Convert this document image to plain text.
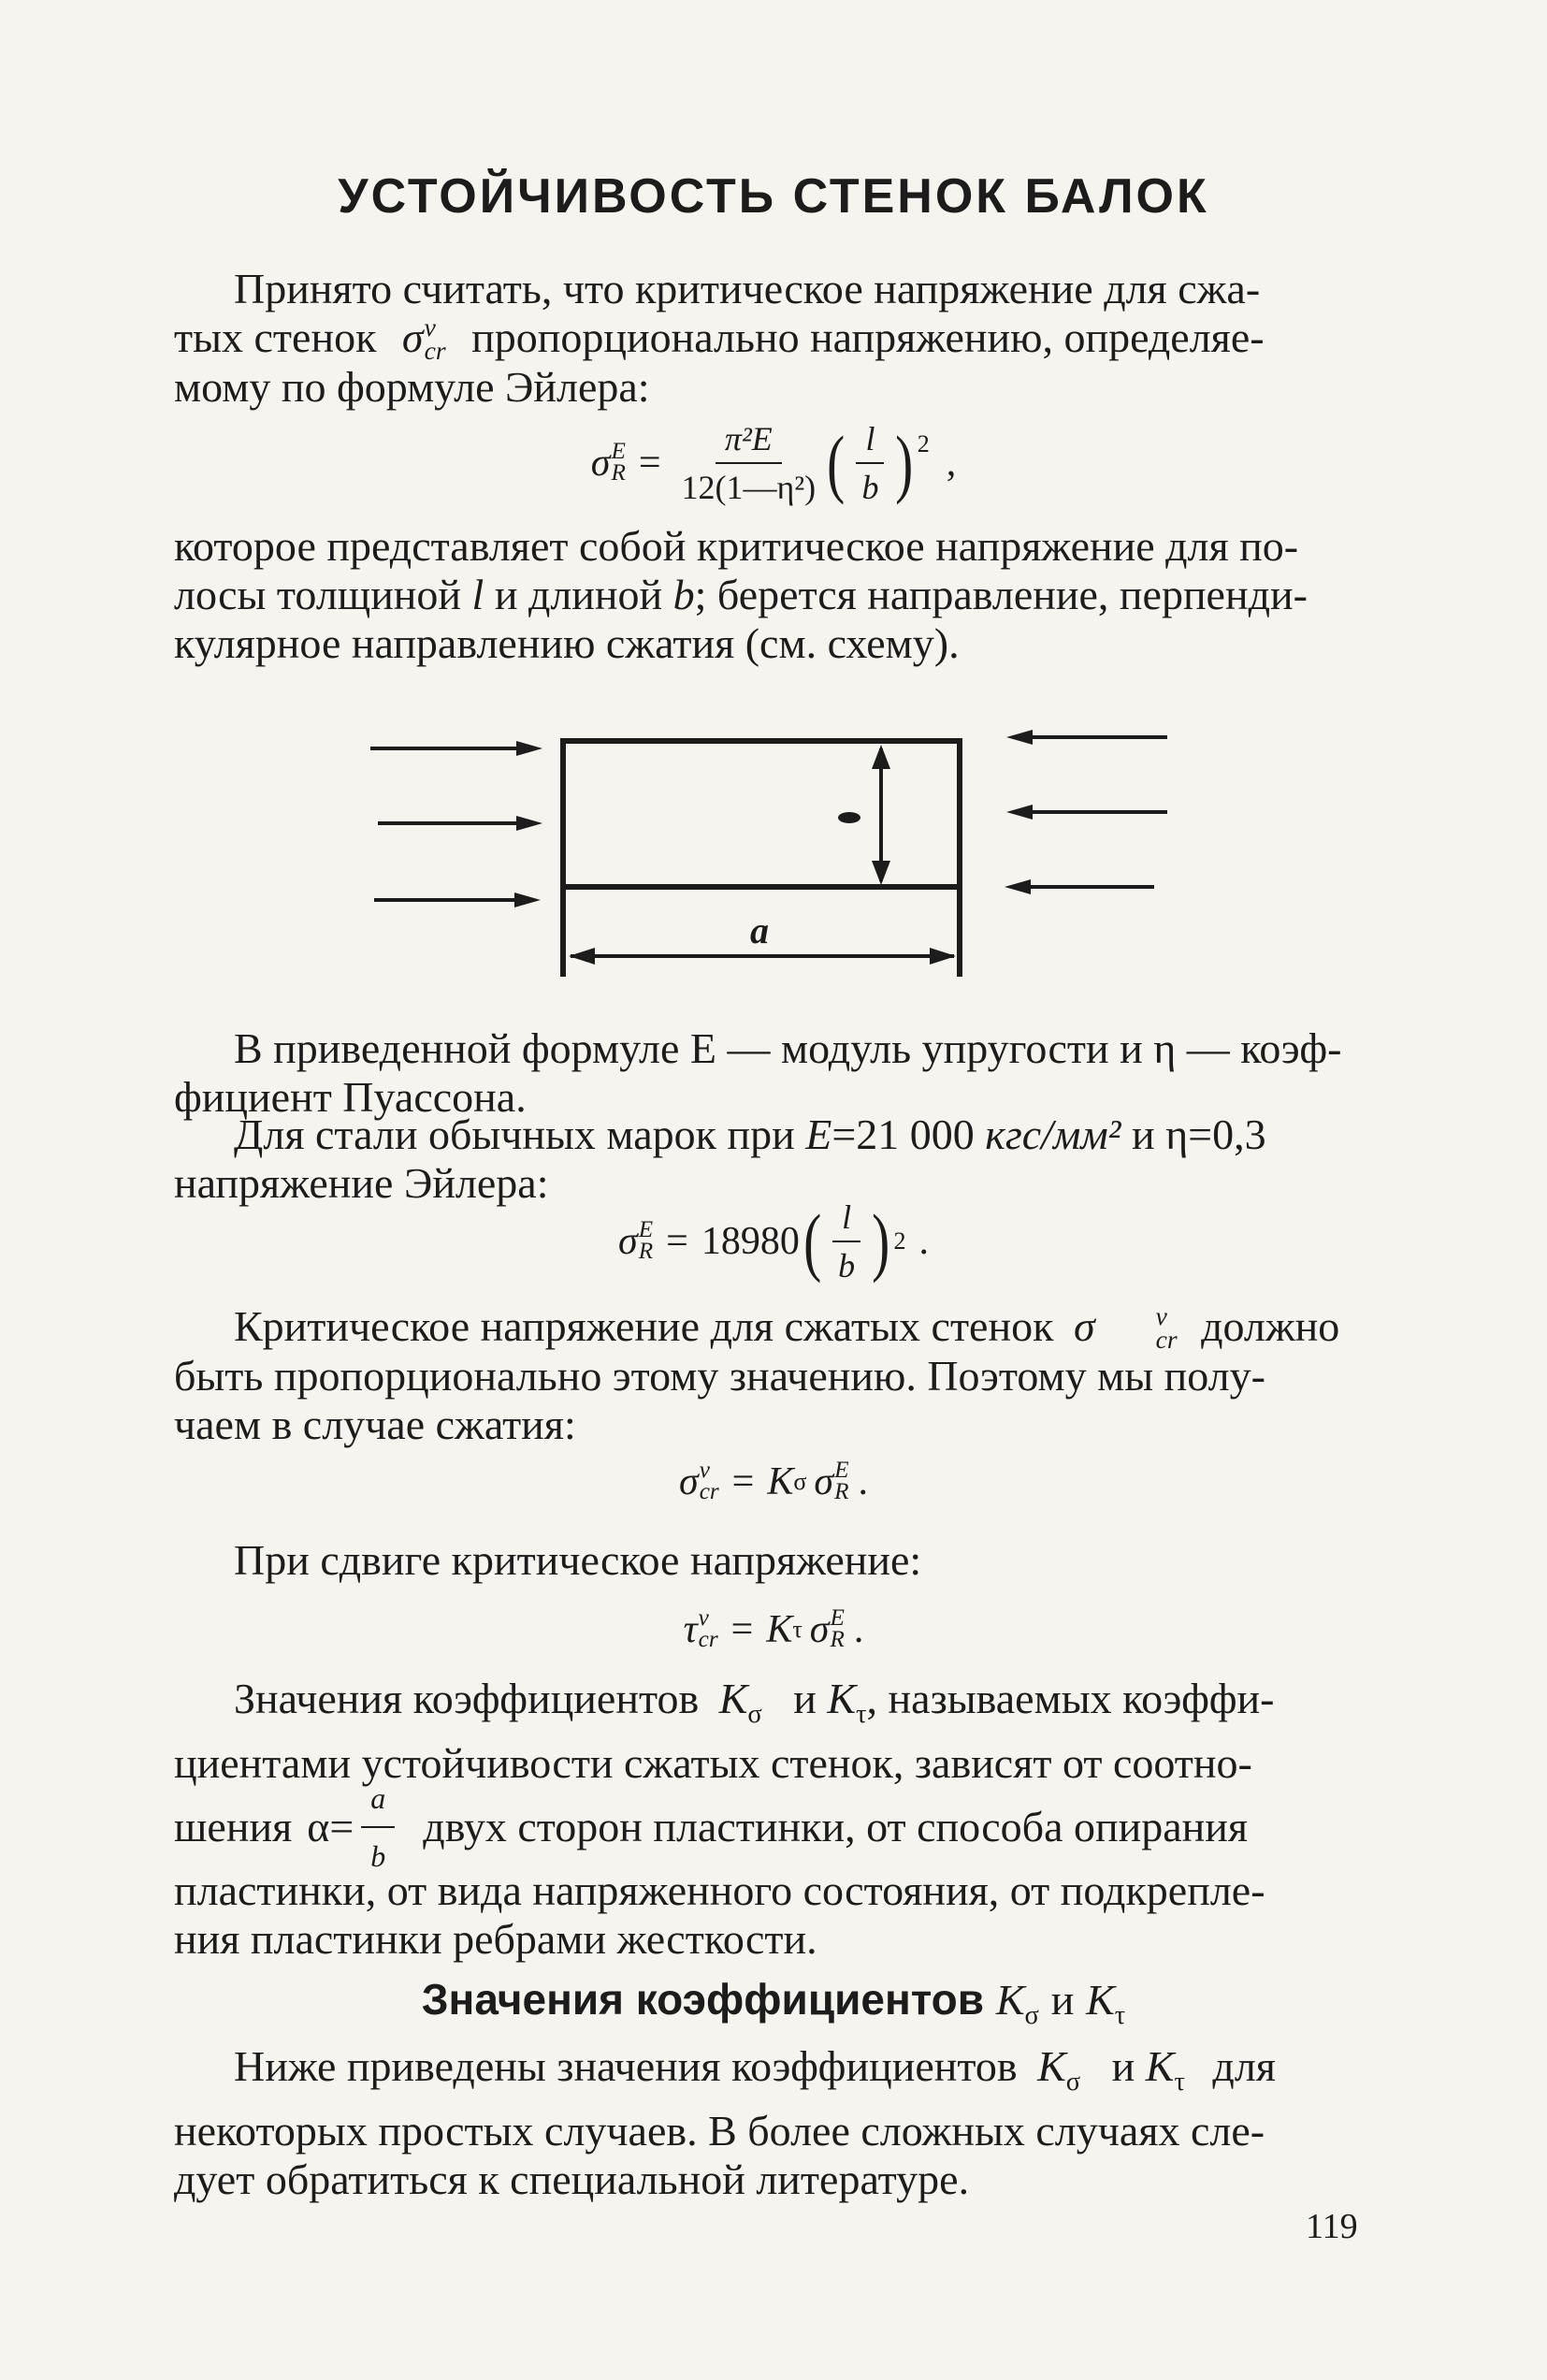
УСТОЙЧИВОСТЬ СТЕНОК БАЛОК
Принято считать, что критическое напряжение для сжа-
тых стенок σ v
cr пропорционально напряжению, определяе-
мому по формуле Эйлера:
σ E
$R = \frac{\text{π²E}}{\text{12(1—η²)}}$ ( $\frac{l}{b}$ ) 2 ,
которое представляет собой критическое напряжение для по-
лосы толщиной l и длиной b; берется направление, перпенди-
кулярное направлению сжатия (см. схему).
a
В приведенной формуле E — модуль упругости и η — коэф-
фициент Пуассона.
Для стали обычных марок при E=21 000 кгс/мм² и η=0,3
напряжение Эйлера:
σ E
R = 18980 ( $\frac{l}{b}$ ) 2 .
Критическое напряжение для сжатых стенок σ	v
cr должно
быть пропорционально этому значению. Поэтому мы полу-
чаем в случае сжатия:
σ v
cr = K σ σ E
R .
При сдвиге критическое напряжение:
τ v
cr = K τ σ E
R .
Значения коэффициентов $K_\sigma$ и $K_\tau$, называемых коэффи-
циентами устойчивости сжатых стенок, зависят от соотно-
шения $\alpha = \frac{a}{b}$ двух сторон пластинки, от способа опирания
пластинки, от вида напряженного состояния, от подкрепле-
ния пластинки ребрами жесткости.
Значения коэффициентов $K_\sigma$ и $K_\tau$
Ниже приведены значения коэффициентов $K_\sigma$ и $K_\tau$ для
некоторых простых случаев. В более сложных случаях сле-
дует обратиться к специальной литературе.
119
